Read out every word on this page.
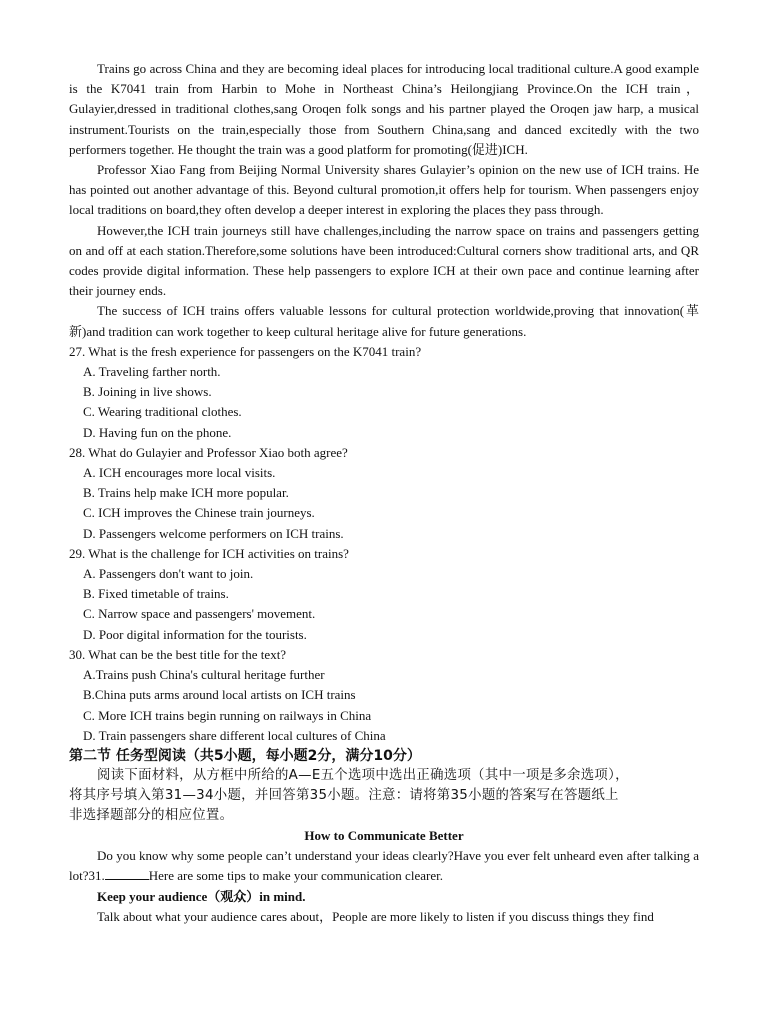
Trains go across China and they are becoming ideal places for introducing local traditional culture.A good example is the K7041 train from Harbin to Mohe in Northeast China’s Heilongjiang Province.On the ICH train，Gulayier,dressed in traditional clothes,sang Oroqen folk songs and his partner played the Oroqen jaw harp, a musical instrument.Tourists on the train,especially those from Southern China,sang and danced excitedly with the two performers together. He thought the train was a good platform for promoting(促进)ICH.

Professor Xiao Fang from Beijing Normal University shares Gulayier’s opinion on the new use of ICH trains. He has pointed out another advantage of this. Beyond cultural promotion,it offers help for tourism. When passengers enjoy local traditions on board,they often develop a deeper interest in exploring the places they pass through.

However,the ICH train journeys still have challenges,including the narrow space on trains and passengers getting on and off at each station.Therefore,some solutions have been introduced:Cultural corners show traditional arts, and QR codes provide digital information. These help passengers to explore ICH at their own pace and continue learning after their journey ends.

The success of ICH trains offers valuable lessons for cultural protection worldwide,proving that innovation(革新)and tradition can work together to keep cultural heritage alive for future generations.

27. What is the fresh experience for passengers on the K7041 train?

A. Traveling farther north.

B. Joining in live shows.

C. Wearing traditional clothes.

D. Having fun on the phone.

28. What do Gulayier and Professor Xiao both agree?

A. ICH encourages more local visits.

B. Trains help make ICH more popular.

C. ICH improves the Chinese train journeys.

D. Passengers welcome performers on ICH trains.

29. What is the challenge for ICH activities on trains?

A. Passengers don't want to join.

B. Fixed timetable of trains.

C. Narrow space and passengers' movement.

D. Poor digital information for the tourists.

30. What can be the best title for the text?

A.Trains push China's cultural heritage further

B.China puts arms around local artists on ICH trains

C. More ICH trains begin running on railways in China

D. Train passengers share different local cultures of China

第二节 任务型阅读（共5小题，每小题2分，满分10分）

阅读下面材料，从方框中所给的A—E五个选项中选出正确选项（其中一项是多余选项），

将其序号填入第31—34小题，并回答第35小题。注意：请将第35小题的答案写在答题纸上

非选择题部分的相应位置。

How to Communicate Better

Do you know why some people can’t understand your ideas clearly?Have you ever felt unheard even after talking a lot?31.	Here are some tips to make your communication clearer.

Keep your audience（观众）in mind.

Talk about what your audience cares about，People are more likely to listen if you discuss things they find
